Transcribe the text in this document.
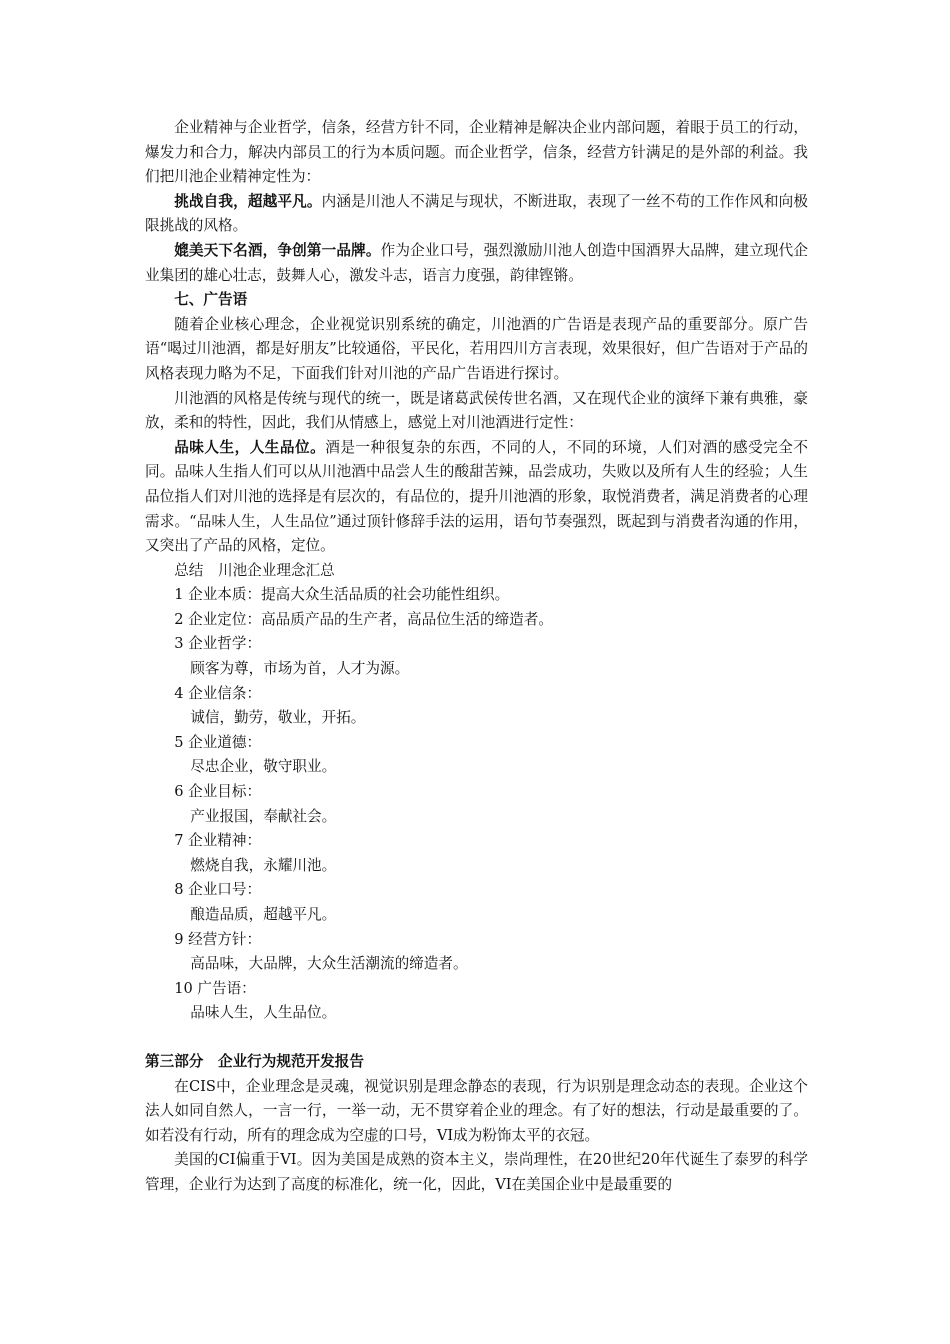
企业精神与企业哲学，信条，经营方针不同，企业精神是解决企业内部问题，着眼于员工的行动，爆发力和合力，解决内部员工的行为本质问题。而企业哲学，信条，经营方针满足的是外部的利益。我们把川池企业精神定性为：

挑战自我，超越平凡。内涵是川池人不满足与现状，不断进取，表现了一丝不苟的工作作风和向极限挑战的风格。

媲美天下名酒，争创第一品牌。作为企业口号，强烈激励川池人创造中国酒界大品牌，建立现代企业集团的雄心壮志，鼓舞人心，激发斗志，语言力度强，韵律铿锵。

七、广告语

随着企业核心理念，企业视觉识别系统的确定，川池酒的广告语是表现产品的重要部分。原广告语“喝过川池酒，都是好朋友”比较通俗，平民化，若用四川方言表现，效果很好，但广告语对于产品的风格表现力略为不足，下面我们针对川池的产品广告语进行探讨。

川池酒的风格是传统与现代的统一，既是诸葛武侯传世名酒，又在现代企业的演绎下兼有典雅，豪放，柔和的特性，因此，我们从情感上，感觉上对川池酒进行定性：

品味人生，人生品位。酒是一种很复杂的东西，不同的人，不同的环境，人们对酒的感受完全不同。品味人生指人们可以从川池酒中品尝人生的酸甜苦辣，品尝成功，失败以及所有人生的经验；人生品位指人们对川池的选择是有层次的，有品位的，提升川池酒的形象，取悦消费者，满足消费者的心理需求。“品味人生，人生品位”通过顶针修辞手法的运用，语句节奏强烈，既起到与消费者沟通的作用，又突出了产品的风格，定位。

总结　川池企业理念汇总

1 企业本质：提高大众生活品质的社会功能性组织。

2 企业定位：高品质产品的生产者，高品位生活的缔造者。

3 企业哲学：

顾客为尊，市场为首，人才为源。

4 企业信条：

诚信，勤劳，敬业，开拓。

5 企业道德：

尽忠企业，敬守职业。

6 企业目标：

产业报国，奉献社会。

7 企业精神：

燃烧自我，永耀川池。

8 企业口号：

酿造品质，超越平凡。

9 经营方针：

高品味，大品牌，大众生活潮流的缔造者。

10 广告语：

品味人生，人生品位。

第三部分　企业行为规范开发报告

在CIS中，企业理念是灵魂，视觉识别是理念静态的表现，行为识别是理念动态的表现。企业这个法人如同自然人，一言一行，一举一动，无不贯穿着企业的理念。有了好的想法，行动是最重要的了。如若没有行动，所有的理念成为空虚的口号，VI成为粉饰太平的衣冠。

美国的CI偏重于VI。因为美国是成熟的资本主义，崇尚理性，在20世纪20年代诞生了泰罗的科学管理，企业行为达到了高度的标准化，统一化，因此，VI在美国企业中是最重要的
